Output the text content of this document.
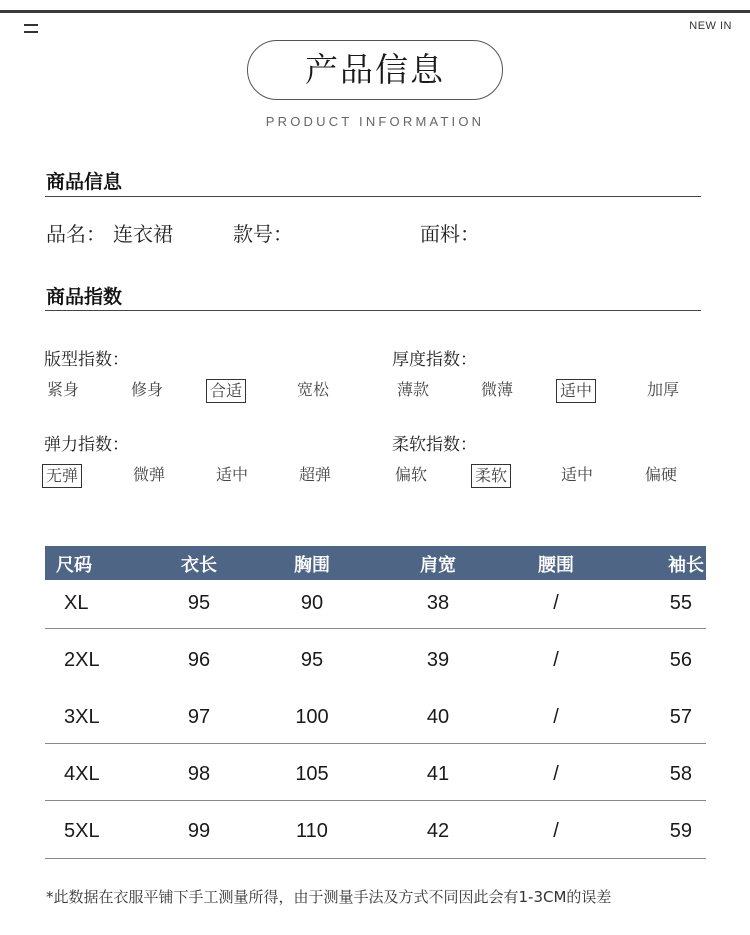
NEW IN
产品信息
PRODUCT INFORMATION
商品信息
品名： 连衣裙	款号：	面料：
商品指数
版型指数：
紧身	修身	合适	宽松
厚度指数：
薄款	微薄	适中	加厚
弹力指数：
无弹	微弹	适中	超弹
柔软指数：
偏软	柔软	适中	偏硬
尺码	衣长	胸围	肩宽	腰围	袖长
XL	95	90	38	/	55
2XL	96	95	39	/	56
3XL	97	100	40	/	57
4XL	98	105	41	/	58
5XL	99	110	42	/	59
*此数据在衣服平铺下手工测量所得，由于测量手法及方式不同因此会有1-3CM的误差
